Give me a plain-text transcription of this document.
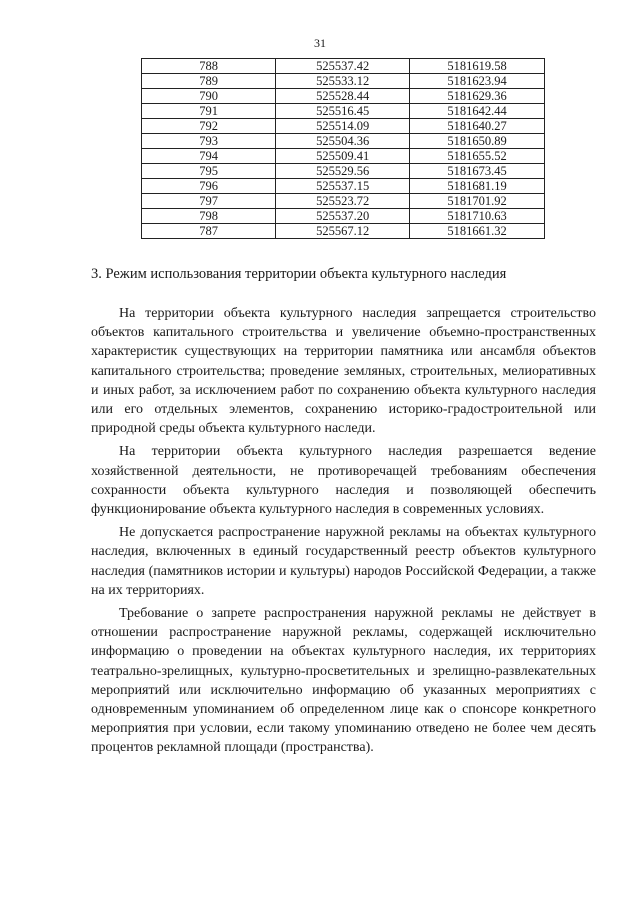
31
788	525537.42	5181619.58
789	525533.12	5181623.94
790	525528.44	5181629.36
791	525516.45	5181642.44
792	525514.09	5181640.27
793	525504.36	5181650.89
794	525509.41	5181655.52
795	525529.56	5181673.45
796	525537.15	5181681.19
797	525523.72	5181701.92
798	525537.20	5181710.63
787	525567.12	5181661.32
3. Режим использования территории объекта культурного наследия

На территории объекта культурного наследия запрещается строительство объектов капитального строительства и увеличение объемно-пространственных характеристик существующих на территории памятника или ансамбля объектов капитального строительства; проведение земляных, строительных, мелиоративных и иных работ, за исключением работ по сохранению объекта культурного наследия или его отдельных элементов, сохранению историко-градостроительной или природной среды объекта культурного наследи.

На территории объекта культурного наследия разрешается ведение хозяйственной деятельности, не противоречащей требованиям обеспечения сохранности объекта культурного наследия и позволяющей обеспечить функционирование объекта культурного наследия в современных условиях.

Не допускается распространение наружной рекламы на объектах культурного наследия, включенных в единый государственный реестр объектов культурного наследия (памятников истории и культуры) народов Российской Федерации, а также на их территориях.

Требование о запрете распространения наружной рекламы не действует в отношении распространение наружной рекламы, содержащей исключительно информацию о проведении на объектах культурного наследия, их территориях театрально-зрелищных, культурно-просветительных и зрелищно-развлекательных мероприятий или исключительно информацию об указанных мероприятиях с одновременным упоминанием об определенном лице как о спонсоре конкретного мероприятия при условии, если такому упоминанию отведено не более чем десять процентов рекламной площади (пространства).
